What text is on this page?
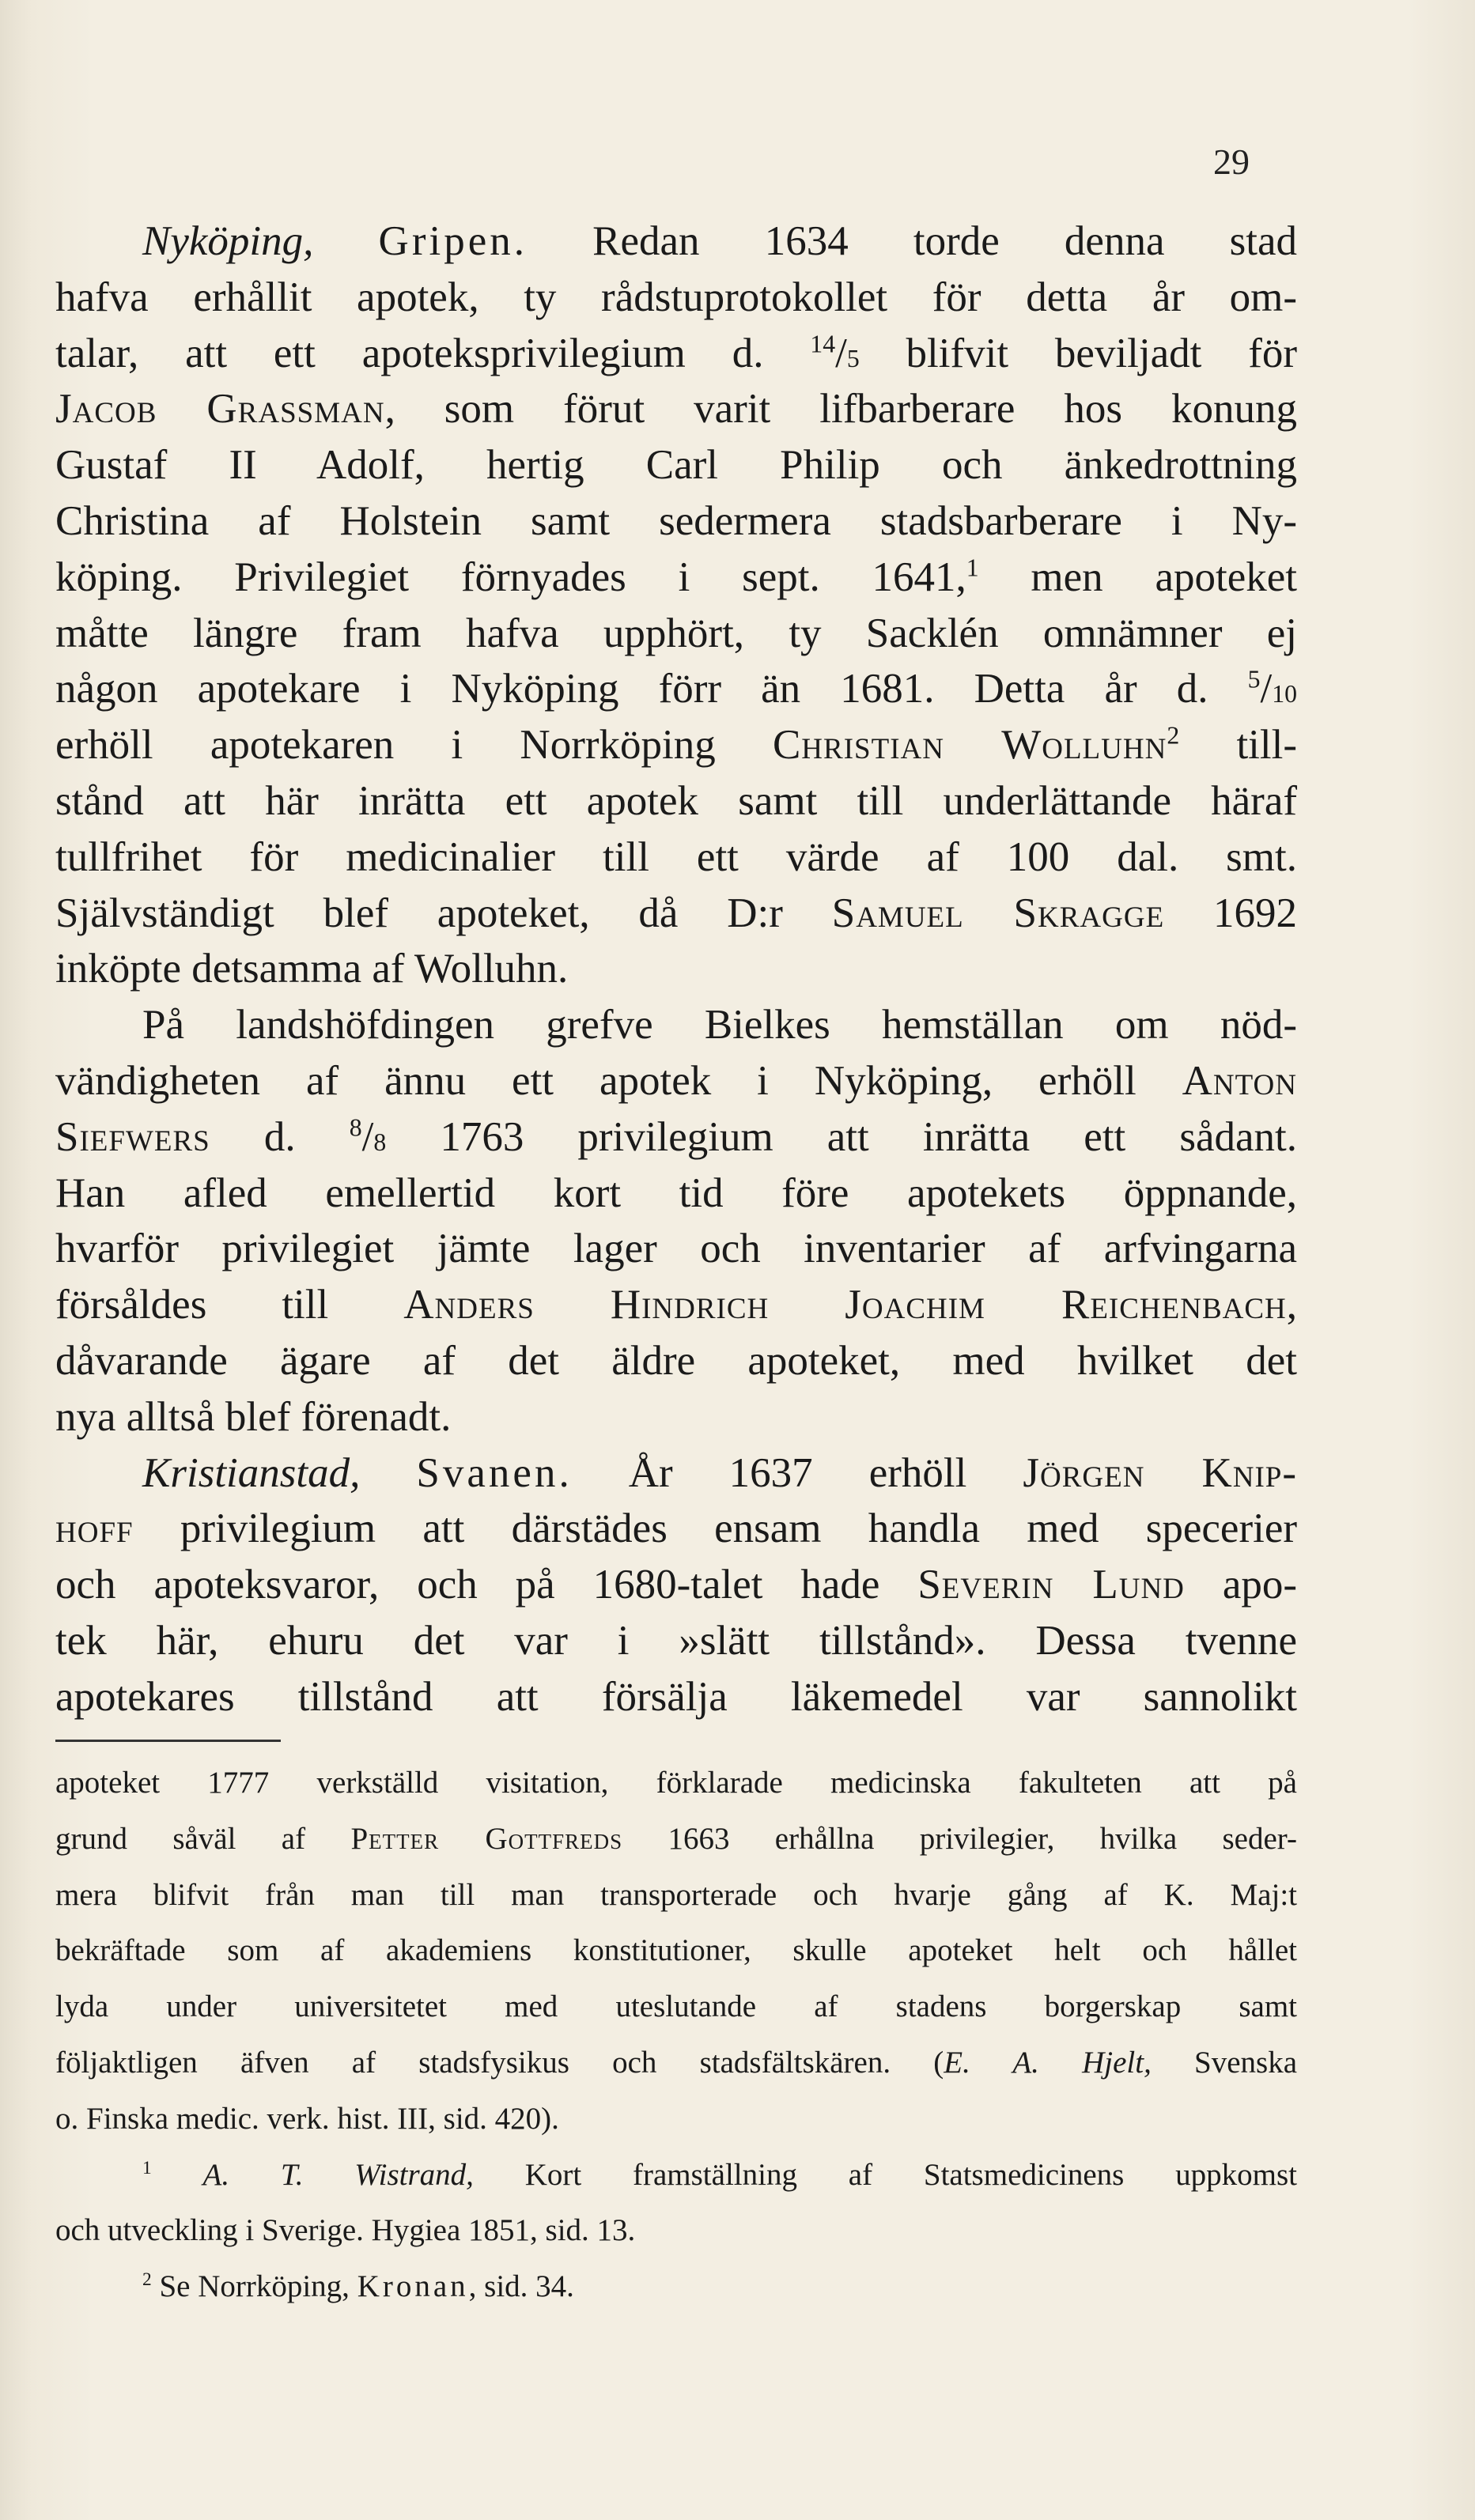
29
Nyköping, Gripen. Redan 1634 torde denna stad
hafva erhållit apotek, ty rådstuprotokollet för detta år om-
talar, att ett apoteksprivilegium d. $^{14}$/5 blifvit beviljadt för
Jacob Grassman, som förut varit lifbarberare hos konung
Gustaf II Adolf, hertig Carl Philip och änkedrottning
Christina af Holstein samt sedermera stadsbarberare i Ny-
köping. Privilegiet förnyades i sept. 1641,$^1$ men apoteket
måtte längre fram hafva upphört, ty Sacklén omnämner ej
någon apotekare i Nyköping förr än 1681. Detta år d. $^5$/10
erhöll apotekaren i Norrköping Christian Wolluhn$^2$ till-
stånd att här inrätta ett apotek samt till underlättande häraf
tullfrihet för medicinalier till ett värde af 100 dal. smt.
Självständigt blef apoteket, då D:r Samuel Skragge 1692
inköpte detsamma af Wolluhn.
På landshöfdingen grefve Bielkes hemställan om nöd-
vändigheten af ännu ett apotek i Nyköping, erhöll Anton
Siefwers d. $^8$/8 1763 privilegium att inrätta ett sådant.
Han afled emellertid kort tid före apotekets öppnande,
hvarför privilegiet jämte lager och inventarier af arfvingarna
försåldes till Anders Hindrich Joachim Reichenbach,
dåvarande ägare af det äldre apoteket, med hvilket det
nya alltså blef förenadt.
Kristianstad, Svanen. År 1637 erhöll Jörgen Knip-
hoff privilegium att därstädes ensam handla med specerier
och apoteksvaror, och på 1680-talet hade Severin Lund apo-
tek här, ehuru det var i »slätt tillstånd». Dessa tvenne
apotekares tillstånd att försälja läkemedel var sannolikt
apoteket 1777 verkställd visitation, förklarade medicinska fakulteten att på
grund såväl af Petter Gottfreds 1663 erhållna privilegier, hvilka seder-
mera blifvit från man till man transporterade och hvarje gång af K. Maj:t
bekräftade som af akademiens konstitutioner, skulle apoteket helt och hållet
lyda under universitetet med uteslutande af stadens borgerskap samt
följaktligen äfven af stadsfysikus och stadsfältskären. (E. A. Hjelt, Svenska
o. Finska medic. verk. hist. III, sid. 420).
$^1$ A. T. Wistrand, Kort framställning af Statsmedicinens uppkomst
och utveckling i Sverige. Hygiea 1851, sid. 13.
$^2$ Se Norrköping, Kronan, sid. 34.
